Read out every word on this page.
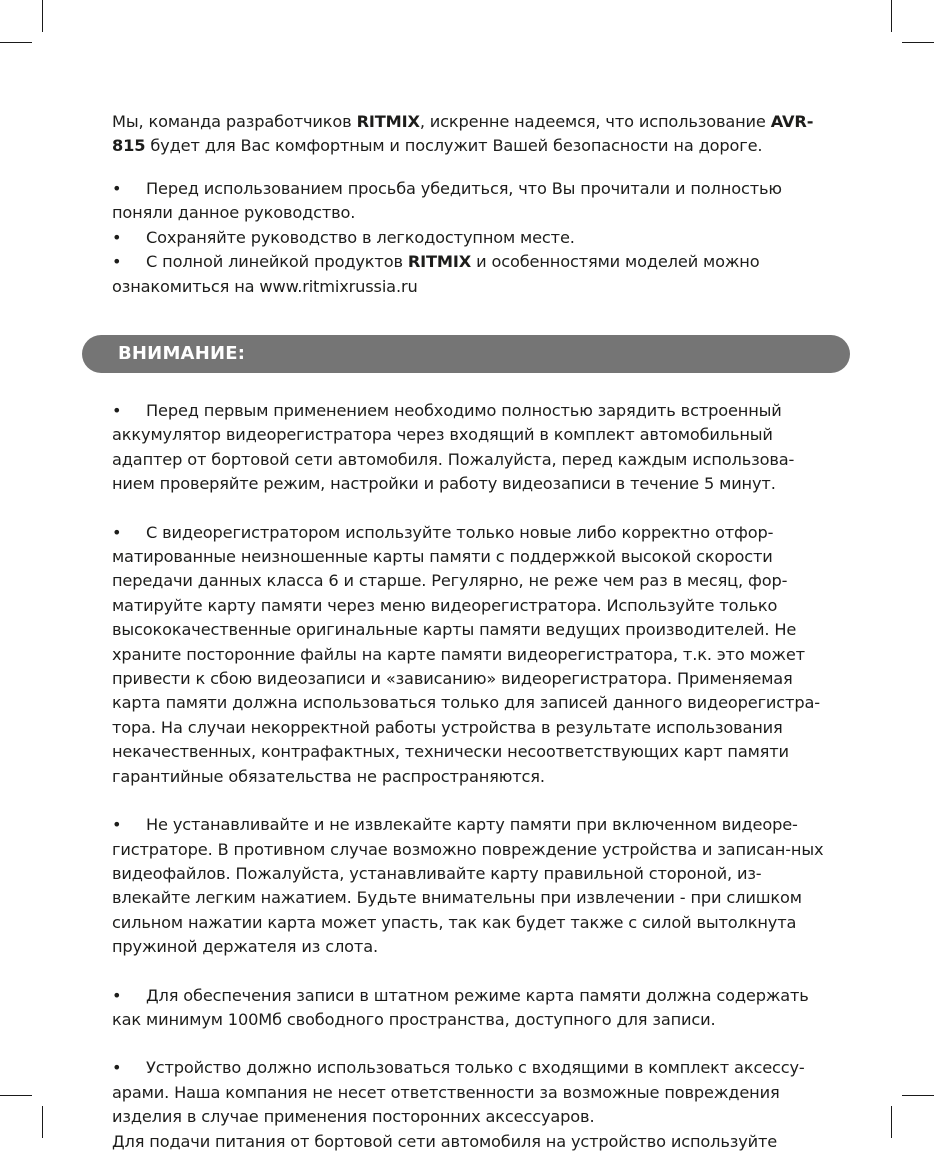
Мы, команда разработчиков RITMIX, искренне надеемся, что использование AVR-815 будет для Вас комфортным и послужит Вашей безопасности на дороге.

• Перед использованием просьба убедиться, что Вы прочитали и полностью поняли данное руководство.
• Сохраняйте руководство в легкодоступном месте.
• С полной линейкой продуктов RITMIX и особенностями моделей можно ознакомиться на www.ritmixrussia.ru
ВНИМАНИЕ:
• Перед первым применением необходимо полностью зарядить встроенный аккумулятор видеорегистратора через входящий в комплект автомобильный адаптер от бортовой сети автомобиля. Пожалуйста, перед каждым использова-нием проверяйте режим, настройки и работу видеозаписи в течение 5 минут.
• С видеорегистратором используйте только новые либо корректно отфор-матированные неизношенные карты памяти с поддержкой высокой скорости передачи данных класса 6 и старше. Регулярно, не реже чем раз в месяц, фор-матируйте карту памяти через меню видеорегистратора. Используйте только высококачественные оригинальные карты памяти ведущих производителей. Не храните посторонние файлы на карте памяти видеорегистратора, т.к. это может привести к сбою видеозаписи и «зависанию» видеорегистратора. Применяемая карта памяти должна использоваться только для записей данного видеорегистра-тора. На случаи некорректной работы устройства в результате использования некачественных, контрафактных, технически несоответствующих карт памяти гарантийные обязательства не распространяются.
• Не устанавливайте и не извлекайте карту памяти при включенном видеоре-гистраторе. В противном случае возможно повреждение устройства и записан-ных видеофайлов. Пожалуйста, устанавливайте карту правильной стороной, из-влекайте легким нажатием. Будьте внимательны при извлечении - при слишком сильном нажатии карта может упасть, так как будет также с силой вытолкнута пружиной держателя из слота.
• Для обеспечения записи в штатном режиме карта памяти должна содержать как минимум 100Мб свободного пространства, доступного для записи.
• Устройство должно использоваться только с входящими в комплект аксессу-арами. Наша компания не несет ответственности за возможные повреждения изделия в случае применения посторонних аксессуаров.
Для подачи питания от бортовой сети автомобиля на устройство используйте
